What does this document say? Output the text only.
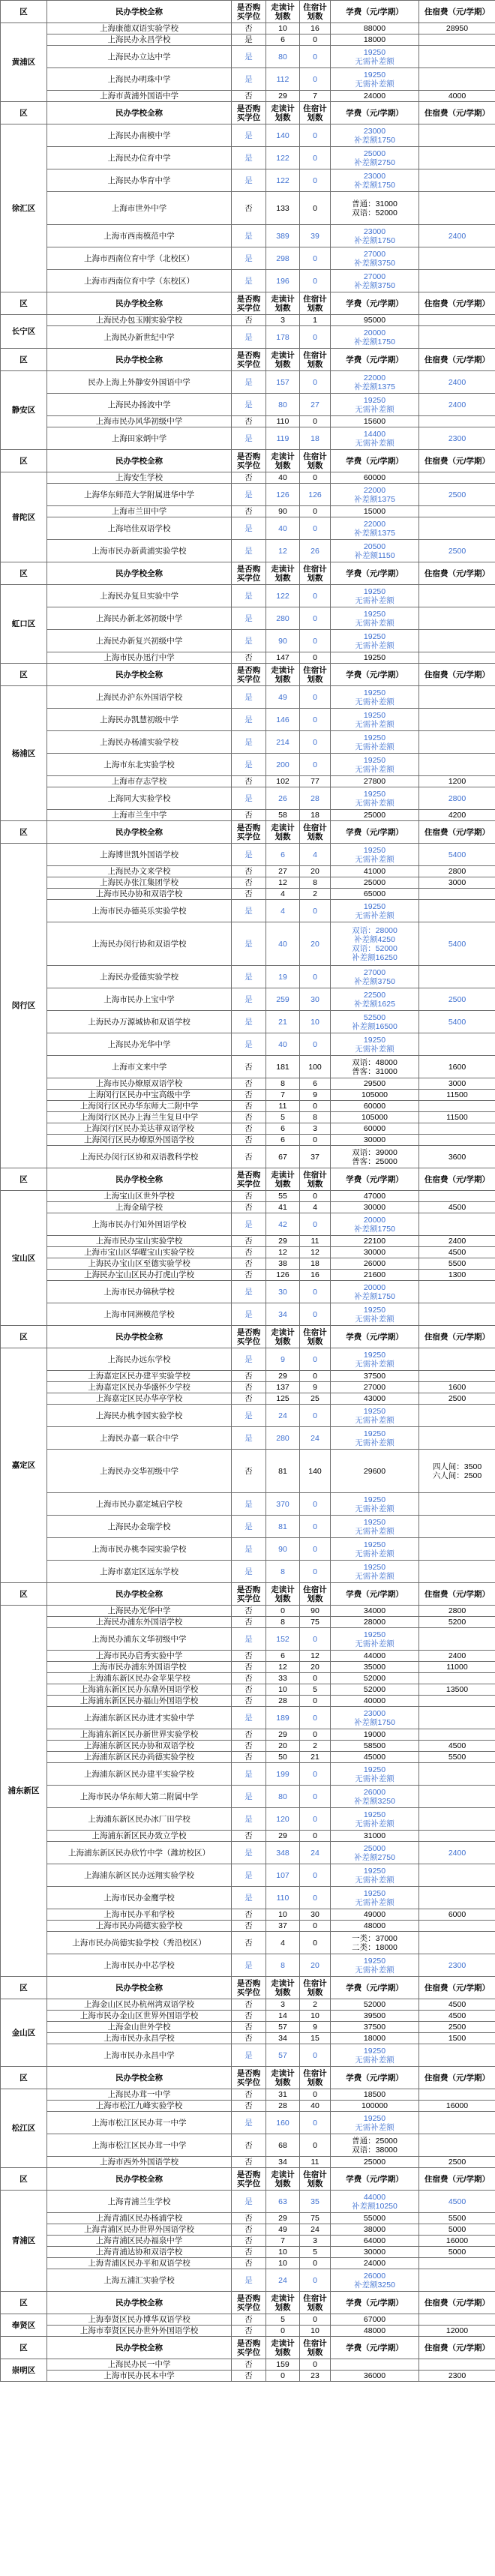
区	民办学校全称	是否购买学位	走读计划数	住宿计划数	学费（元/学期）	住宿费（元/学期）
黄浦区	上海康德双语实验学校	否	10	16	88000	28950
	上海民办永昌学校	是	6	0	18000	
	上海民办立达中学	是	80	0	19250
无需补差额	
	上海民办明珠中学	是	112	0	19250
无需补差额	
	上海市黄浦外国语中学	否	29	7	24000	4000
区	民办学校全称	是否购买学位	走读计划数	住宿计划数	学费（元/学期）	住宿费（元/学期）
徐汇区	上海民办南模中学	是	140	0	23000
补差额1750	
	上海民办位育中学	是	122	0	25000
补差额2750	
	上海民办华育中学	是	122	0	23000
补差额1750	
	上海市世外中学	否	133	0	普通：31000
双语：52000	
	上海市西南模范中学	是	389	39	23000
补差额1750	2400
	上海市西南位育中学（北校区）	是	298	0	27000
补差额3750	
	上海市西南位育中学（东校区）	是	196	0	27000
补差额3750	
区	民办学校全称	是否购买学位	走读计划数	住宿计划数	学费（元/学期）	住宿费（元/学期）
长宁区	上海民办包玉刚实验学校	否	3	1	95000	
	上海民办新世纪中学	是	178	0	20000
补差额1750	
区	民办学校全称	是否购买学位	走读计划数	住宿计划数	学费（元/学期）	住宿费（元/学期）
静安区	民办上海上外静安外国语中学	是	157	0	22000
补差额1375	2400
	上海民办扬波中学	是	80	27	19250
无需补差额	2400
	上海市民办风华初级中学	否	110	0	15600	
	上海田家炳中学	是	119	18	14400
无需补差额	2300
区	民办学校全称	是否购买学位	走读计划数	住宿计划数	学费（元/学期）	住宿费（元/学期）
普陀区	上海安生学校	否	40	0	60000	
	上海华东师范大学附属进华中学	是	126	126	22000
补差额1375	2500
	上海市兰田中学	否	90	0	15000	
	上海培佳双语学校	是	40	0	22000
补差额1375	
	上海市民办新黄浦实验学校	是	12	26	20500
补差额1150	2500
区	民办学校全称	是否购买学位	走读计划数	住宿计划数	学费（元/学期）	住宿费（元/学期）
虹口区	上海民办复旦实验中学	是	122	0	19250
无需补差额	
	上海民办新北郊初级中学	是	280	0	19250
无需补差额	
	上海民办新复兴初级中学	是	90	0	19250
无需补差额	
	上海市民办迅行中学	否	147	0	19250	
区	民办学校全称	是否购买学位	走读计划数	住宿计划数	学费（元/学期）	住宿费（元/学期）
杨浦区	上海民办沪东外国语学校	是	49	0	19250
无需补差额	
	上海民办凯慧初级中学	是	146	0	19250
无需补差额	
	上海民办杨浦实验学校	是	214	0	19250
无需补差额	
	上海市东北实验学校	是	200	0	19250
无需补差额	
	上海市存志学校	否	102	77	27800	1200
	上海同大实验学校	是	26	28	19250
无需补差额	2800
	上海市兰生中学	否	58	18	25000	4200
区	民办学校全称	是否购买学位	走读计划数	住宿计划数	学费（元/学期）	住宿费（元/学期）
闵行区	上海博世凯外国语学校	是	6	4	19250
无需补差额	5400
	上海民办文来学校	否	27	20	41000	2800
	上海民办张江集团学校	否	12	8	25000	3000
	上海市民办协和双语学校	否	4	2	65000	
	上海市民办德英乐实验学校	是	4	0	19250
无需补差额	
	上海民办闵行协和双语学校	是	40	20	双语：28000
补差额4250
双语：52000
补差额16250	5400
	上海民办爱德实验学校	是	19	0	27000
补差额3750	
	上海市民办上宝中学	是	259	30	22500
补差额1625	2500
	上海民办万源城协和双语学校	是	21	10	52500
补差额16500	5400
	上海民办光华中学	是	40	0	19250
无需补差额	
	上海市文来中学	否	181	100	双语：48000
普客：31000	1600
	上海市民办燎原双语学校	否	8	6	29500	3000
	上海闵行区民办中宝高级中学	否	7	9	105000	11500
	上海闵行区民办华东师大二附中学	否	11	0	60000	
	上海闵行区民办上海兰生复旦中学	否	5	8	105000	11500
	上海闵行区民办美达菲双语学校	否	6	3	60000	
	上海闵行区民办燎原外国语学校	否	6	0	30000	
	上海民办闵行区协和双语教科学校	否	67	37	双语：39000
普客：25000	3600
区	民办学校全称	是否购买学位	走读计划数	住宿计划数	学费（元/学期）	住宿费（元/学期）
宝山区	上海宝山区世外学校	否	55	0	47000	
	上海金瑞学校	否	41	4	30000	4500
	上海市民办行知外国语学校	是	42	0	20000
补差额1750	
	上海市民办宝山实验学校	否	29	11	22100	2400
	上海市宝山区华曜宝山实验学校	否	12	12	30000	4500
	上海民办宝山区至德实验学校	否	38	18	26000	5500
	上海民办宝山区民办打虎山学校	否	126	16	21600	1300
	上海市民办锦秋学校	是	30	0	20000
补差额1750	
	上海市同洲模范学校	是	34	0	19250
无需补差额	
区	民办学校全称	是否购买学位	走读计划数	住宿计划数	学费（元/学期）	住宿费（元/学期）
嘉定区	上海民办远东学校	是	9	0	19250
无需补差额	
	上海嘉定区民办建平实验学校	否	29	0	37500	
	上海嘉定区民办华盛怀少学校	否	137	9	27000	1600
	上海嘉定区民办华亭学校	否	125	25	43000	2500
	上海民办桃李园实验学校	是	24	0	19250
无需补差额	
	上海民办嘉一联合中学	是	280	24	19250
无需补差额	
	上海民办交华初级中学	否	81	140	29600	四人间：3500
六人间：2500
	上海市民办嘉定城启学校	是	370	0	19250
无需补差额	
	上海民办金瑞学校	是	81	0	19250
无需补差额	
	上海市民办桃李园实验学校	是	90	0	19250
无需补差额	
	上海市嘉定区远东学校	是	8	0	19250
无需补差额	
区	民办学校全称	是否购买学位	走读计划数	住宿计划数	学费（元/学期）	住宿费（元/学期）
浦东新区	上海民办光华中学	否	0	90	34000	2800
	上海民办浦东外国语学校	否	8	75	28000	5200
	上海民办浦东文华初级中学	是	152	0	19250
无需补差额	
	上海市民办启秀实验中学	否	6	12	44000	2400
	上海市民办浦东外国语学校	否	12	20	35000	11000
	上海浦东新区民办金苹果学校	否	33	0	52000	
	上海浦东新区民办东鼎外国语学校	否	10	5	52000	13500
	上海浦东新区民办福山外国语学校	否	28	0	40000	
	上海浦东新区民办进才实验中学	是	189	0	23000
补差额1750	
	上海浦东新区民办新世界实验学校	否	29	0	19000	
	上海浦东新区民办协和双语学校	否	20	2	58500	4500
	上海浦东新区民办尚德实验学校	否	50	21	45000	5500
	上海浦东新区民办建平实验学校	是	199	0	19250
无需补差额	
	上海市民办华东师大第二附属中学	是	80	0	26000
补差额3250	
	上海浦东新区民办冰厂田学校	是	120	0	19250
无需补差额	
	上海浦东新区民办致立学校	否	29	0	31000	
	上海浦东新区民办欣竹中学（潍坊校区）	是	348	24	25000
补差额2750	2400
	上海浦东新区民办远翔实验学校	是	107	0	19250
无需补差额	
	上海市民办金鹰学校	是	110	0	19250
无需补差额	
	上海市民办平和学校	否	10	30	49000	6000
	上海市民办尚德实验学校	否	37	0	48000	
	上海市民办尚德实验学校（秀沿校区）	否	4	0	一类：37000
二类：18000	
	上海市民办中芯学校	是	8	20	19250
无需补差额	2300
区	民办学校全称	是否购买学位	走读计划数	住宿计划数	学费（元/学期）	住宿费（元/学期）
金山区	上海金山区民办杭州湾双语学校	否	3	2	52000	4500
	上海市民办金山区世界外国语学校	否	14	10	39500	4500
	上海金山世外学校	否	57	9	37500	2500
	上海市民办永昌学校	否	34	15	18000	1500
	上海市民办永昌中学	是	57	0	19250
无需补差额	
区	民办学校全称	是否购买学位	走读计划数	住宿计划数	学费（元/学期）	住宿费（元/学期）
松江区	上海民办茸一中学	否	31	0	18500	
	上海市松江九峰实验学校	否	28	40	100000	16000
	上海市松江区民办茸一中学	是	160	0	19250
无需补差额	
	上海市松江区民办茸一中学	否	68	0	普通：25000
双语：38000	
	上海市西外外国语学校	否	34	11	25000	2500
区	民办学校全称	是否购买学位	走读计划数	住宿计划数	学费（元/学期）	住宿费（元/学期）
青浦区	上海青浦兰生学校	是	63	35	44000
补差额10250	4500
	上海青浦区民办杨浦学校	否	29	75	55000	5500
	上海青浦区民办世界外国语学校	否	49	24	38000	5000
	上海青浦区民办福泉中学	否	7	3	64000	16000
	上海青浦达协和双语学校	否	10	5	30000	5000
	上海青浦区民办平和双语学校	否	10	0	24000	
	上海五浦汇实验学校	是	24	0	26000
补差额3250	
区	民办学校全称	是否购买学位	走读计划数	住宿计划数	学费（元/学期）	住宿费（元/学期）
奉贤区	上海奉贤区民办博华双语学校	否	5	0	67000	
	上海市奉贤区民办世外外国语学校	否	0	10	48000	12000
区	民办学校全称	是否购买学位	走读计划数	住宿计划数	学费（元/学期）	住宿费（元/学期）
崇明区	上海民办民一中学	否	159	0		
	上海市民办民本中学	否	0	23	36000	2300
